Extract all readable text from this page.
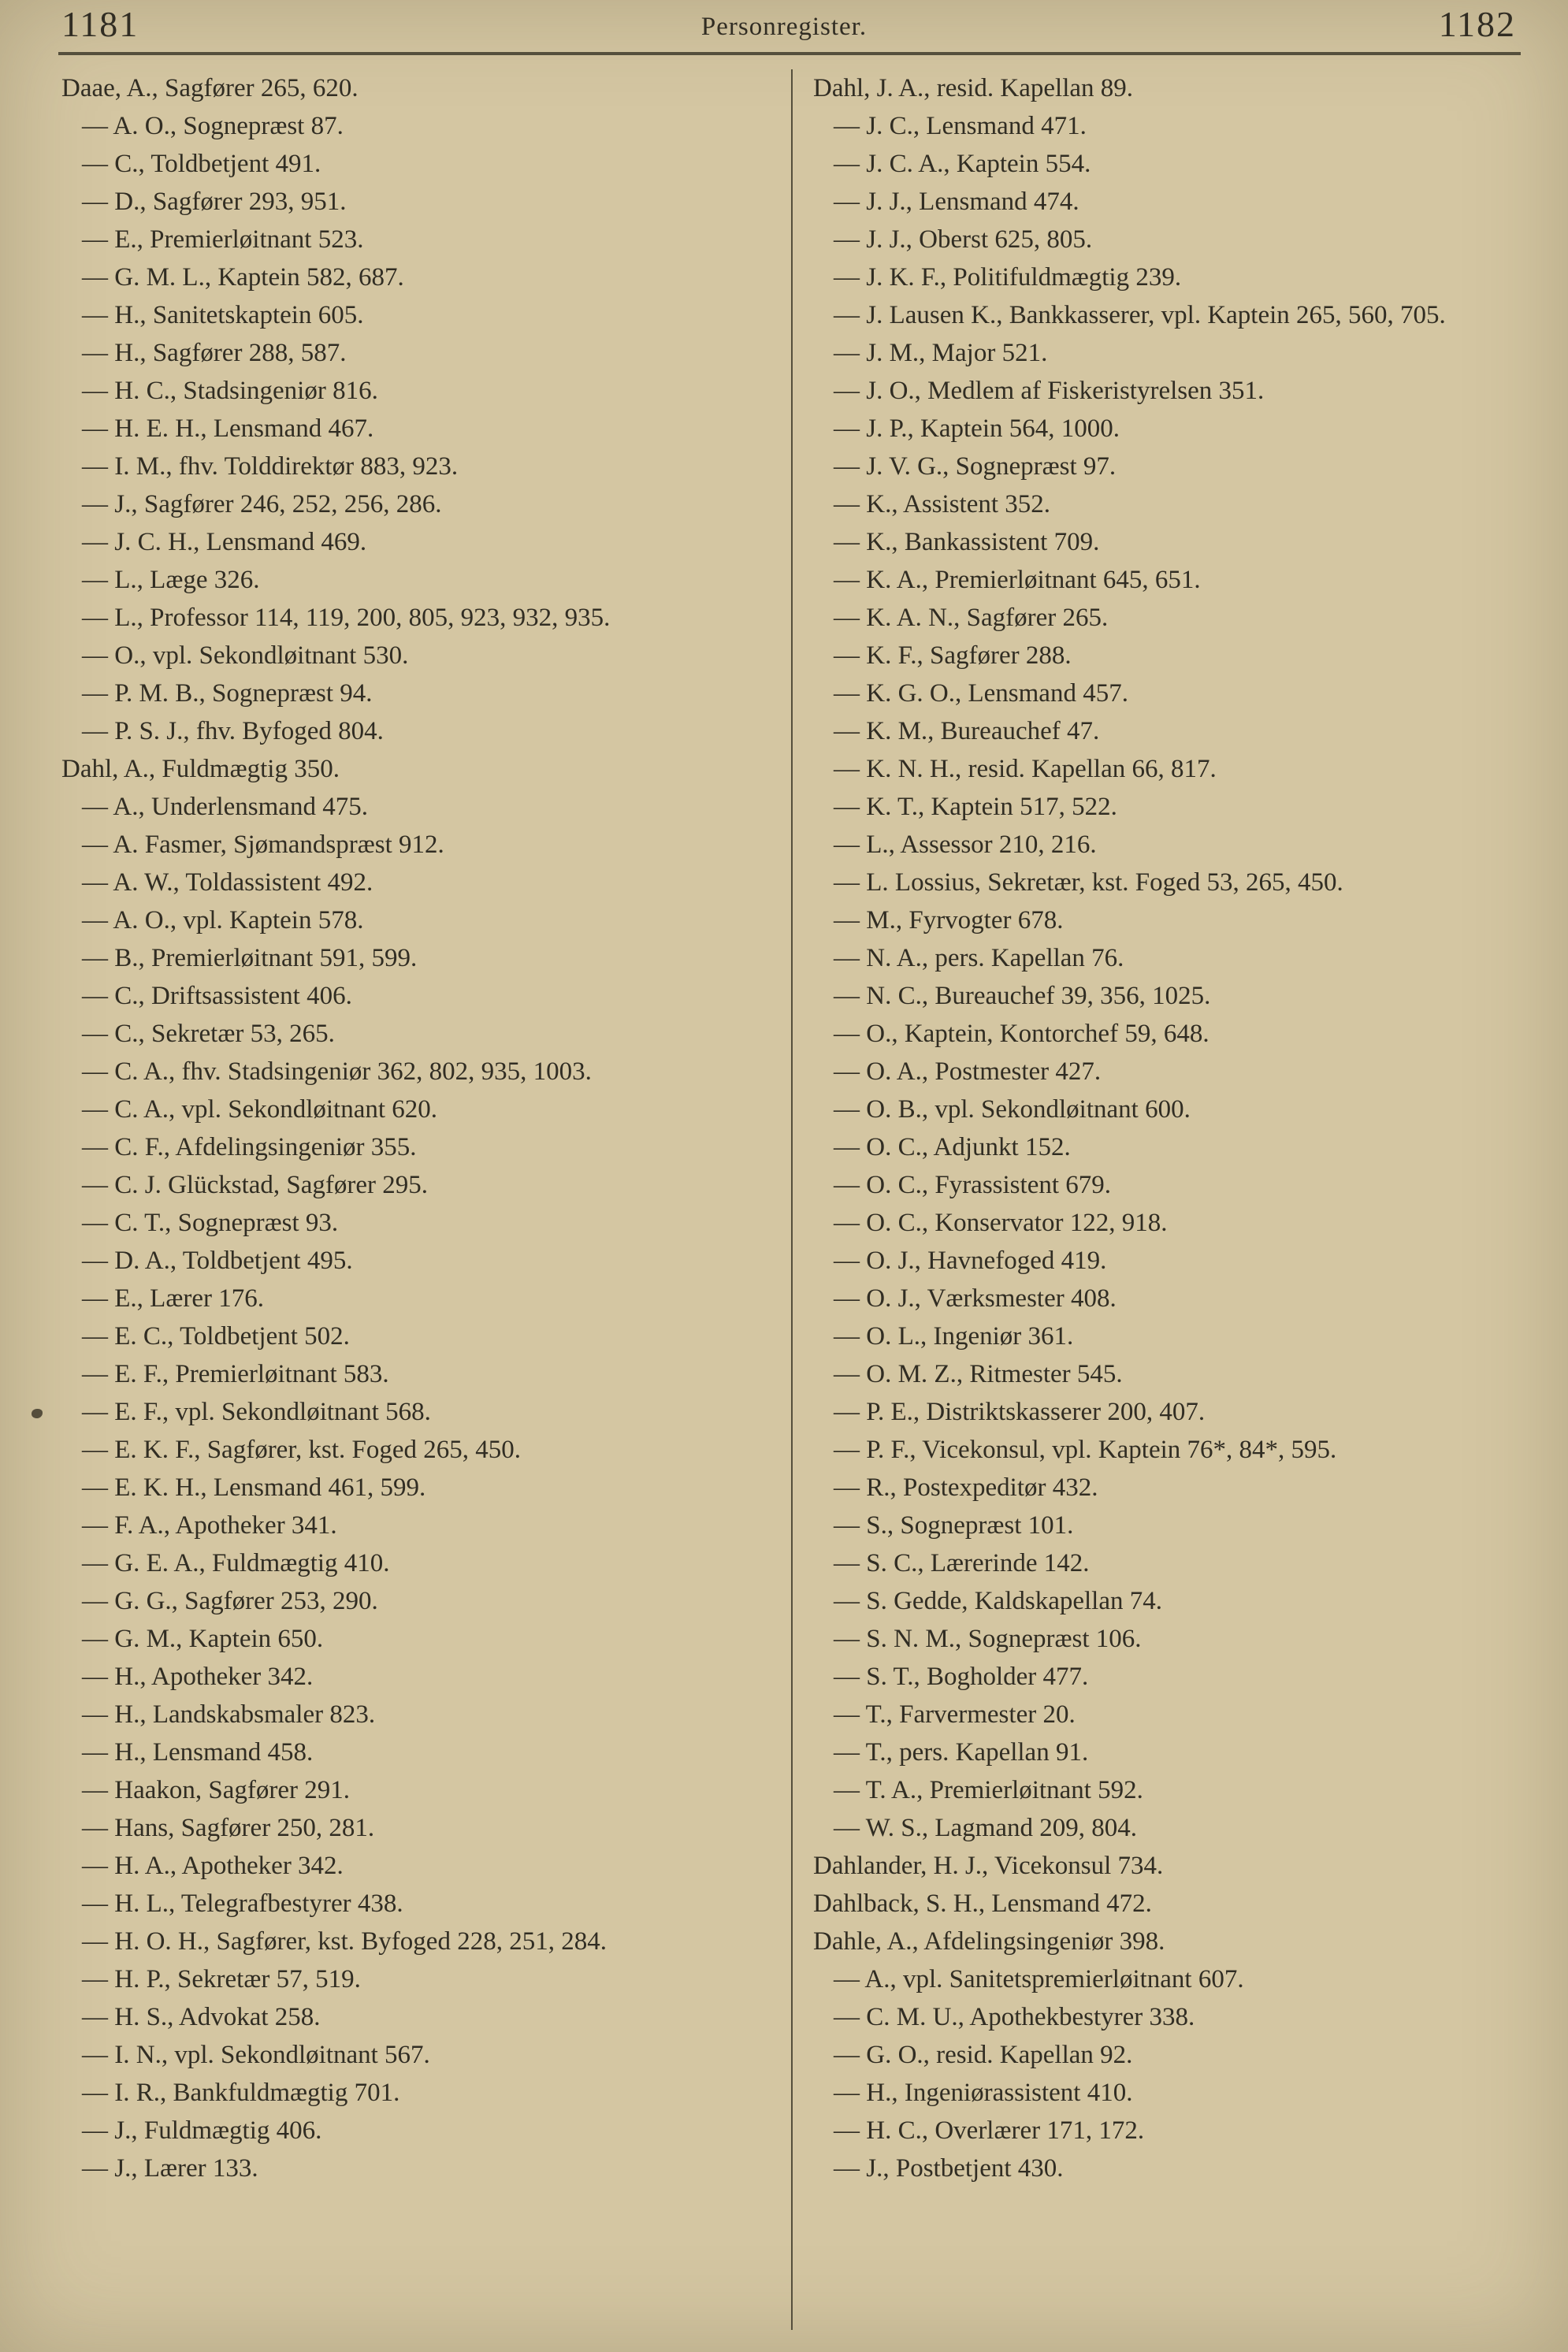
1181	Personregister.	1182
Daae, A., Sagfører 265, 620.
— A. O., Sognepræst 87.
— C., Toldbetjent 491.
— D., Sagfører 293, 951.
— E., Premierløitnant 523.
— G. M. L., Kaptein 582, 687.
— H., Sanitetskaptein 605.
— H., Sagfører 288, 587.
— H. C., Stadsingeniør 816.
— H. E. H., Lensmand 467.
— I. M., fhv. Tolddirektør 883, 923.
— J., Sagfører 246, 252, 256, 286.
— J. C. H., Lensmand 469.
— L., Læge 326.
— L., Professor 114, 119, 200, 805, 923, 932, 935.
— O., vpl. Sekondløitnant 530.
— P. M. B., Sognepræst 94.
— P. S. J., fhv. Byfoged 804.
Dahl, A., Fuldmægtig 350.
— A., Underlensmand 475.
— A. Fasmer, Sjømandspræst 912.
— A. W., Toldassistent 492.
— A. O., vpl. Kaptein 578.
— B., Premierløitnant 591, 599.
— C., Driftsassistent 406.
— C., Sekretær 53, 265.
— C. A., fhv. Stadsingeniør 362, 802, 935, 1003.
— C. A., vpl. Sekondløitnant 620.
— C. F., Afdelingsingeniør 355.
— C. J. Glückstad, Sagfører 295.
— C. T., Sognepræst 93.
— D. A., Toldbetjent 495.
— E., Lærer 176.
— E. C., Toldbetjent 502.
— E. F., Premierløitnant 583.
— E. F., vpl. Sekondløitnant 568.
— E. K. F., Sagfører, kst. Foged 265, 450.
— E. K. H., Lensmand 461, 599.
— F. A., Apotheker 341.
— G. E. A., Fuldmægtig 410.
— G. G., Sagfører 253, 290.
— G. M., Kaptein 650.
— H., Apotheker 342.
— H., Landskabsmaler 823.
— H., Lensmand 458.
— Haakon, Sagfører 291.
— Hans, Sagfører 250, 281.
— H. A., Apotheker 342.
— H. L., Telegrafbestyrer 438.
— H. O. H., Sagfører, kst. Byfoged 228, 251, 284.
— H. P., Sekretær 57, 519.
— H. S., Advokat 258.
— I. N., vpl. Sekondløitnant 567.
— I. R., Bankfuldmægtig 701.
— J., Fuldmægtig 406.
— J., Lærer 133.
Dahl, J. A., resid. Kapellan 89.
— J. C., Lensmand 471.
— J. C. A., Kaptein 554.
— J. J., Lensmand 474.
— J. J., Oberst 625, 805.
— J. K. F., Politifuldmægtig 239.
— J. Lausen K., Bankkasserer, vpl. Kaptein 265, 560, 705.
— J. M., Major 521.
— J. O., Medlem af Fiskeristyrelsen 351.
— J. P., Kaptein 564, 1000.
— J. V. G., Sognepræst 97.
— K., Assistent 352.
— K., Bankassistent 709.
— K. A., Premierløitnant 645, 651.
— K. A. N., Sagfører 265.
— K. F., Sagfører 288.
— K. G. O., Lensmand 457.
— K. M., Bureauchef 47.
— K. N. H., resid. Kapellan 66, 817.
— K. T., Kaptein 517, 522.
— L., Assessor 210, 216.
— L. Lossius, Sekretær, kst. Foged 53, 265, 450.
— M., Fyrvogter 678.
— N. A., pers. Kapellan 76.
— N. C., Bureauchef 39, 356, 1025.
— O., Kaptein, Kontorchef 59, 648.
— O. A., Postmester 427.
— O. B., vpl. Sekondløitnant 600.
— O. C., Adjunkt 152.
— O. C., Fyrassistent 679.
— O. C., Konservator 122, 918.
— O. J., Havnefoged 419.
— O. J., Værksmester 408.
— O. L., Ingeniør 361.
— O. M. Z., Ritmester 545.
— P. E., Distriktskasserer 200, 407.
— P. F., Vicekonsul, vpl. Kaptein 76*, 84*, 595.
— R., Postexpeditør 432.
— S., Sognepræst 101.
— S. C., Lærerinde 142.
— S. Gedde, Kaldskapellan 74.
— S. N. M., Sognepræst 106.
— S. T., Bogholder 477.
— T., Farvermester 20.
— T., pers. Kapellan 91.
— T. A., Premierløitnant 592.
— W. S., Lagmand 209, 804.
Dahlander, H. J., Vicekonsul 734.
Dahlback, S. H., Lensmand 472.
Dahle, A., Afdelingsingeniør 398.
— A., vpl. Sanitetspremierløitnant 607.
— C. M. U., Apothekbestyrer 338.
— G. O., resid. Kapellan 92.
— H., Ingeniørassistent 410.
— H. C., Overlærer 171, 172.
— J., Postbetjent 430.
